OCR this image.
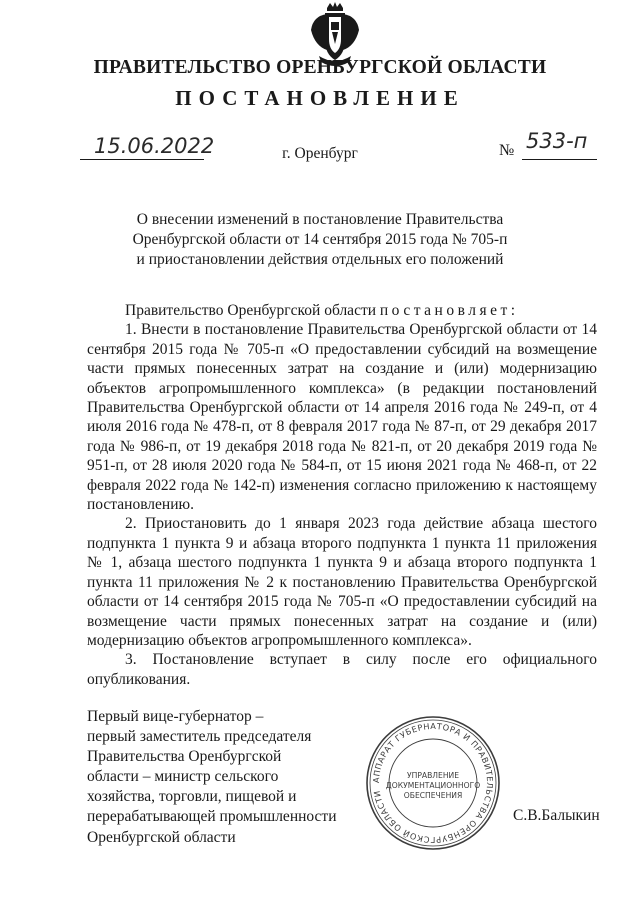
ПРАВИТЕЛЬСТВО ОРЕНБУРГСКОЙ ОБЛАСТИ
ПОСТАНОВЛЕНИЕ
15.06.2022	г. Оренбург	№ 533-п
О внесении изменений в постановление Правительства
Оренбургской области от 14 сентября 2015 года № 705-п
и приостановлении действия отдельных его положений

Правительство Оренбургской области постановляет:

1. Внести в постановление Правительства Оренбургской области от 14 сентября 2015 года № 705-п «О предоставлении субсидий на возмещение части прямых понесенных затрат на создание и (или) модернизацию объектов агропромышленного комплекса» (в редакции постановлений Правительства Оренбургской области от 14 апреля 2016 года № 249-п, от 4 июля 2016 года № 478-п, от 8 февраля 2017 года № 87-п, от 29 декабря 2017 года № 986-п, от 19 декабря 2018 года № 821-п, от 20 декабря 2019 года № 951-п, от 28 июля 2020 года № 584-п, от 15 июня 2021 года № 468-п, от 22 февраля 2022 года № 142-п) изменения согласно приложению к настоящему постановлению.

2. Приостановить до 1 января 2023 года действие абзаца шестого подпункта 1 пункта 9 и абзаца второго подпункта 1 пункта 11 приложения № 1, абзаца шестого подпункта 1 пункта 9 и абзаца второго подпункта 1 пункта 11 приложения № 2 к постановлению Правительства Оренбургской области от 14 сентября 2015 года № 705-п «О предоставлении субсидий на возмещение части прямых понесенных затрат на создание и (или) модернизацию объектов агропромышленного комплекса».

3. Постановление вступает в силу после его официального опубликования.

Первый вице-губернатор –
первый заместитель председателя
Правительства Оренбургской
области – министр сельского
хозяйства, торговли, пищевой и
перерабатывающей промышленности
Оренбургской области
АППАРАТ ГУБЕРНАТОРА И ПРАВИТЕЛЬСТВА ОРЕНБУРГСКОЙ ОБЛАСТИ
УПРАВЛЕНИЕ
ДОКУМЕНТАЦИОННОГО
ОБЕСПЕЧЕНИЯ
С.В.Балыкин
